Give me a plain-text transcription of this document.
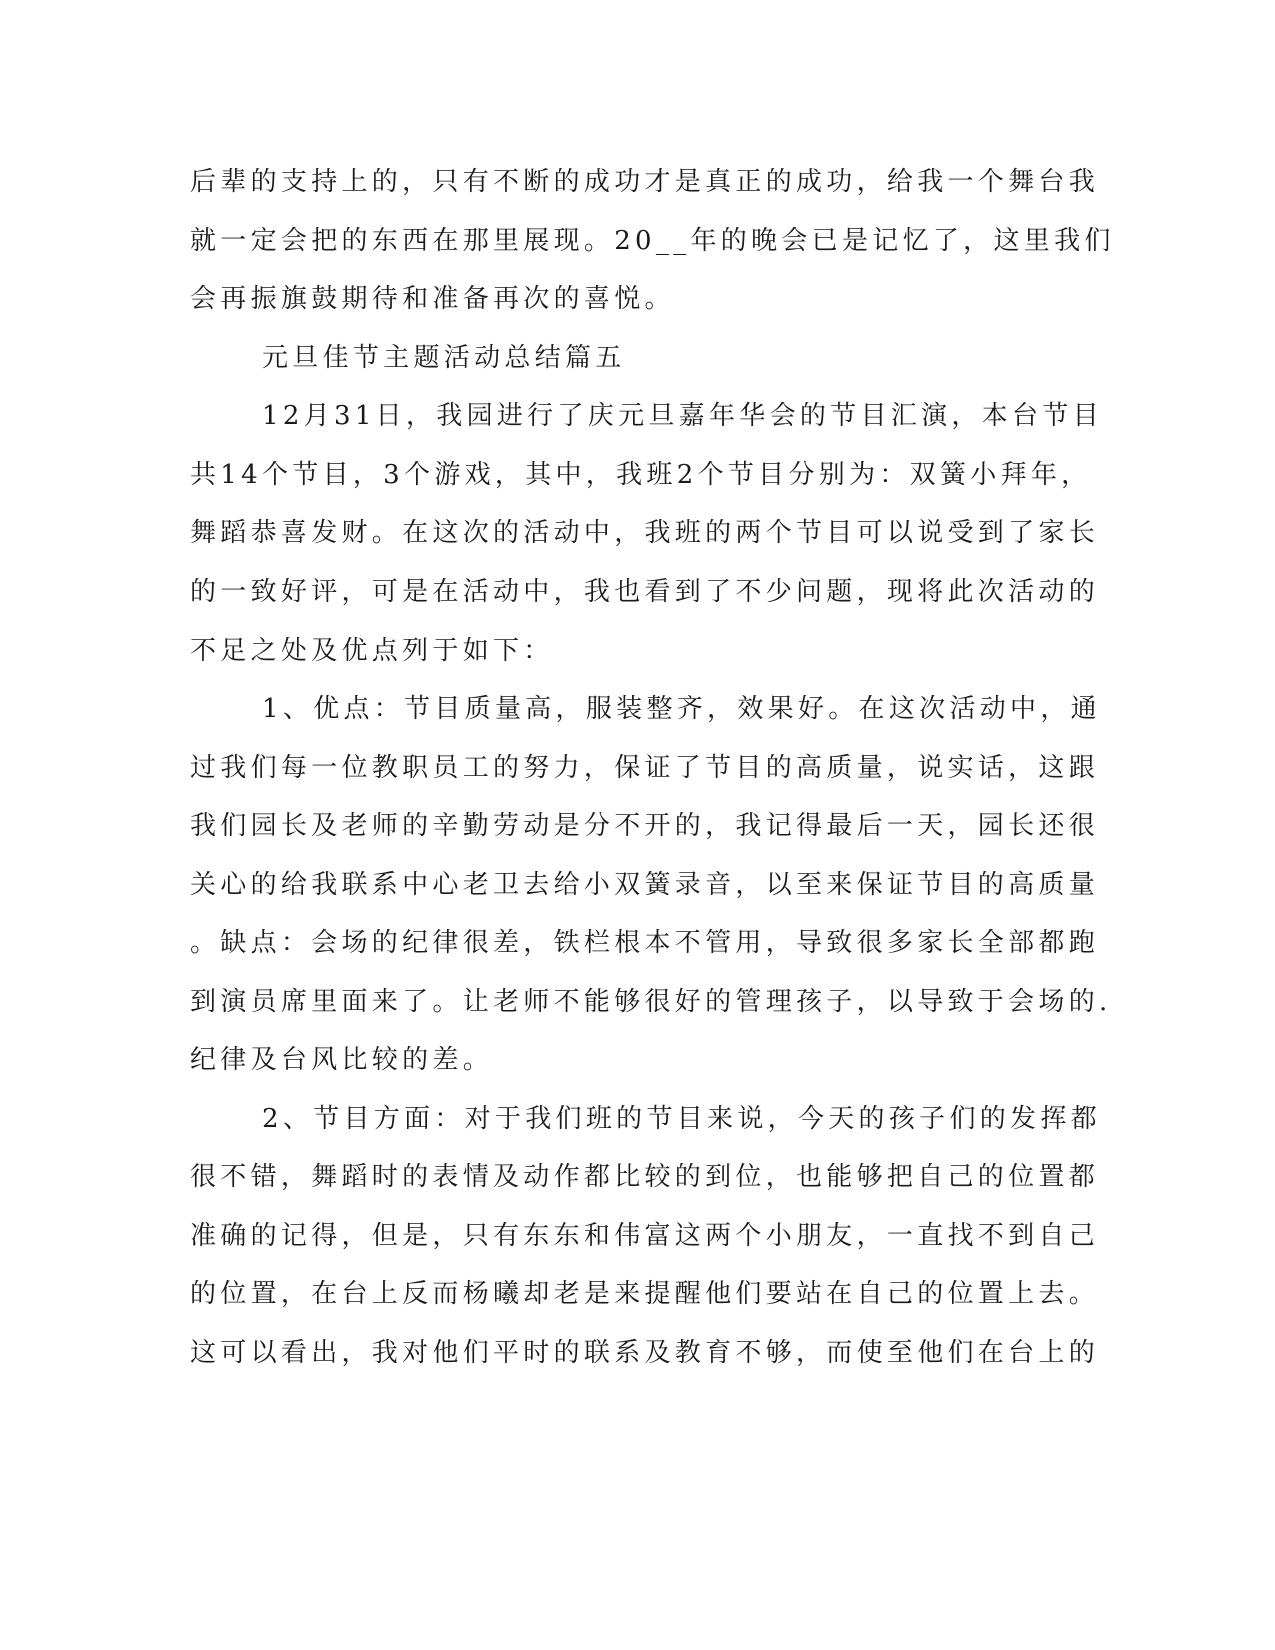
后辈的支持上的，只有不断的成功才是真正的成功，给我一个舞台我
就一定会把的东西在那里展现。20__年的晚会已是记忆了，这里我们
会再振旗鼓期待和准备再次的喜悦。
元旦佳节主题活动总结篇五
12月31日，我园进行了庆元旦嘉年华会的节目汇演，本台节目
共14个节目，3个游戏，其中，我班2个节目分别为：双簧小拜年，
舞蹈恭喜发财。在这次的活动中，我班的两个节目可以说受到了家长
的一致好评，可是在活动中，我也看到了不少问题，现将此次活动的
不足之处及优点列于如下：
1、优点：节目质量高，服装整齐，效果好。在这次活动中，通
过我们每一位教职员工的努力，保证了节目的高质量，说实话，这跟
我们园长及老师的辛勤劳动是分不开的，我记得最后一天，园长还很
关心的给我联系中心老卫去给小双簧录音，以至来保证节目的高质量
。缺点：会场的纪律很差，铁栏根本不管用，导致很多家长全部都跑
到演员席里面来了。让老师不能够很好的管理孩子，以导致于会场的.
纪律及台风比较的差。
2、节目方面：对于我们班的节目来说，今天的孩子们的发挥都
很不错，舞蹈时的表情及动作都比较的到位，也能够把自己的位置都
准确的记得，但是，只有东东和伟富这两个小朋友，一直找不到自己
的位置，在台上反而杨曦却老是来提醒他们要站在自己的位置上去。
这可以看出，我对他们平时的联系及教育不够，而使至他们在台上的
